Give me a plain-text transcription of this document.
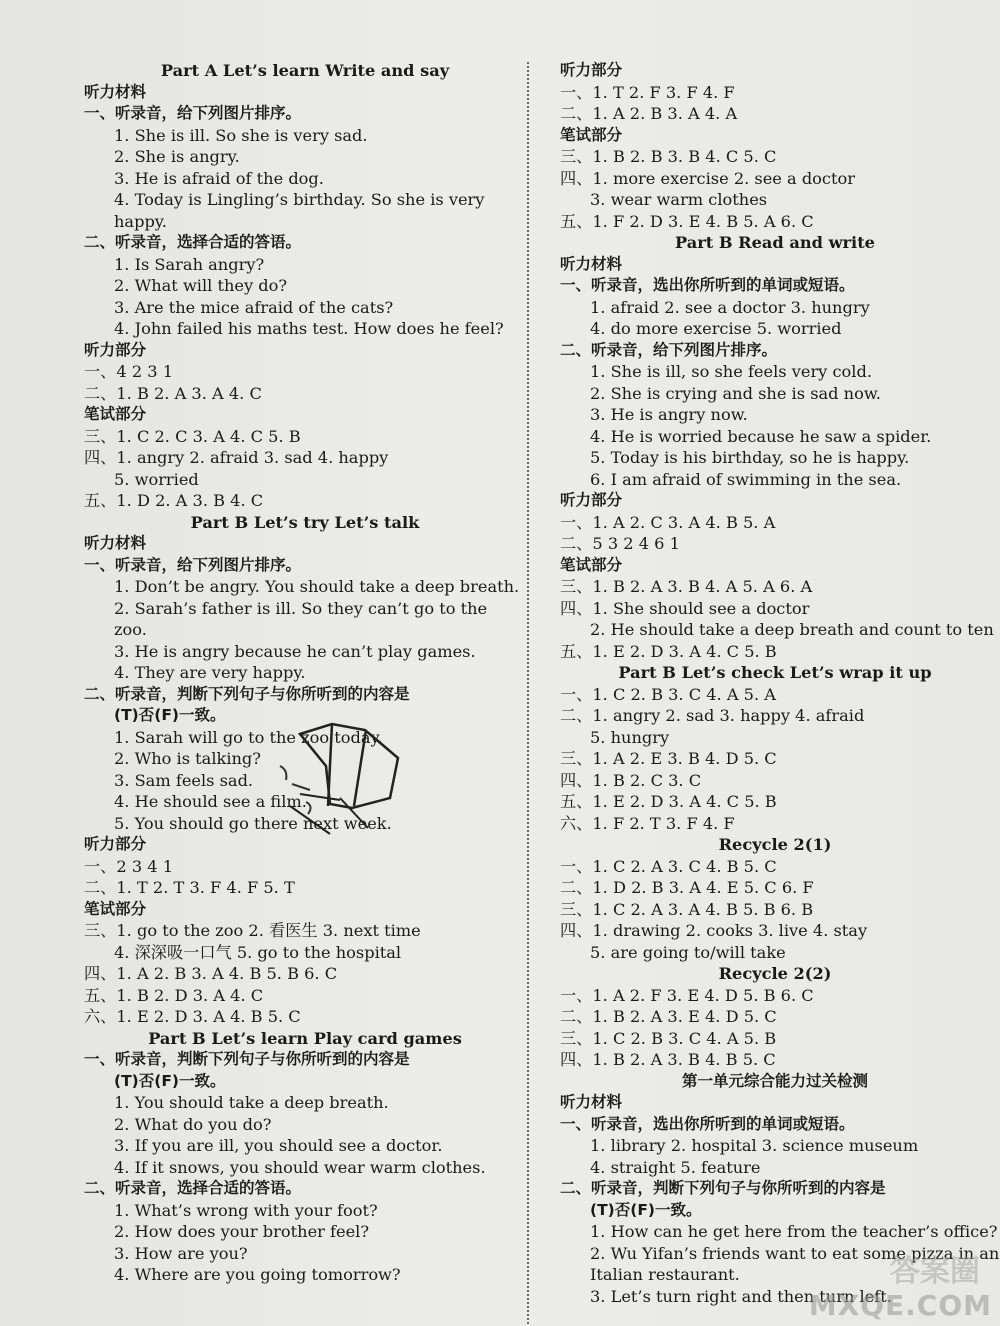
Part A Let’s learn Write and say
听力材料
一、听录音，给下列图片排序。
1. She is ill. So she is very sad.
2. She is angry.
3. He is afraid of the dog.
4. Today is Lingling’s birthday. So she is very
happy.
二、听录音，选择合适的答语。
1. Is Sarah angry?
2. What will they do?
3. Are the mice afraid of the cats?
4. John failed his maths test. How does he feel?
听力部分
一、4 2 3 1
二、1. B 2. A 3. A 4. C
笔试部分
三、1. C 2. C 3. A 4. C 5. B
四、1. angry 2. afraid 3. sad 4. happy
5. worried
五、1. D 2. A 3. B 4. C
Part B Let’s try Let’s talk
听力材料
一、听录音，给下列图片排序。
1. Don’t be angry. You should take a deep breath.
2. Sarah’s father is ill. So they can’t go to the
zoo.
3. He is angry because he can’t play games.
4. They are very happy.
二、听录音，判断下列句子与你所听到的内容是
(T)否(F)一致。
1. Sarah will go to the zoo today.
2. Who is talking?
3. Sam feels sad.
4. He should see a film.
5. You should go there next week.
听力部分
一、2 3 4 1
二、1. T 2. T 3. F 4. F 5. T
笔试部分
三、1. go to the zoo 2. 看医生 3. next time
4. 深深吸一口气 5. go to the hospital
四、1. A 2. B 3. A 4. B 5. B 6. C
五、1. B 2. D 3. A 4. C
六、1. E 2. D 3. A 4. B 5. C
Part B Let’s learn Play card games
一、听录音，判断下列句子与你所听到的内容是
(T)否(F)一致。
1. You should take a deep breath.
2. What do you do?
3. If you are ill, you should see a doctor.
4. If it snows, you should wear warm clothes.
二、听录音，选择合适的答语。
1. What’s wrong with your foot?
2. How does your brother feel?
3. How are you?
4. Where are you going tomorrow?
听力部分
一、1. T 2. F 3. F 4. F
二、1. A 2. B 3. A 4. A
笔试部分
三、1. B 2. B 3. B 4. C 5. C
四、1. more exercise 2. see a doctor
3. wear warm clothes
五、1. F 2. D 3. E 4. B 5. A 6. C
Part B Read and write
听力材料
一、听录音，选出你所听到的单词或短语。
1. afraid 2. see a doctor 3. hungry
4. do more exercise 5. worried
二、听录音，给下列图片排序。
1. She is ill, so she feels very cold.
2. She is crying and she is sad now.
3. He is angry now.
4. He is worried because he saw a spider.
5. Today is his birthday, so he is happy.
6. I am afraid of swimming in the sea.
听力部分
一、1. A 2. C 3. A 4. B 5. A
二、5 3 2 4 6 1
笔试部分
三、1. B 2. A 3. B 4. A 5. A 6. A
四、1. She should see a doctor
2. He should take a deep breath and count to ten
五、1. E 2. D 3. A 4. C 5. B
Part B Let’s check Let’s wrap it up
一、1. C 2. B 3. C 4. A 5. A
二、1. angry 2. sad 3. happy 4. afraid
5. hungry
三、1. A 2. E 3. B 4. D 5. C
四、1. B 2. C 3. C
五、1. E 2. D 3. A 4. C 5. B
六、1. F 2. T 3. F 4. F
Recycle 2(1)
一、1. C 2. A 3. C 4. B 5. C
二、1. D 2. B 3. A 4. E 5. C 6. F
三、1. C 2. A 3. A 4. B 5. B 6. B
四、1. drawing 2. cooks 3. live 4. stay
5. are going to/will take
Recycle 2(2)
一、1. A 2. F 3. E 4. D 5. B 6. C
二、1. B 2. A 3. E 4. D 5. C
三、1. C 2. B 3. C 4. A 5. B
四、1. B 2. A 3. B 4. B 5. C
第一单元综合能力过关检测
听力材料
一、听录音，选出你所听到的单词或短语。
1. library 2. hospital 3. science museum
4. straight 5. feature
二、听录音，判断下列句子与你所听到的内容是
(T)否(F)一致。
1. How can he get here from the teacher’s office?
2. Wu Yifan’s friends want to eat some pizza in an
Italian restaurant.
3. Let’s turn right and then turn left.
答案圈
MXQE.COM
